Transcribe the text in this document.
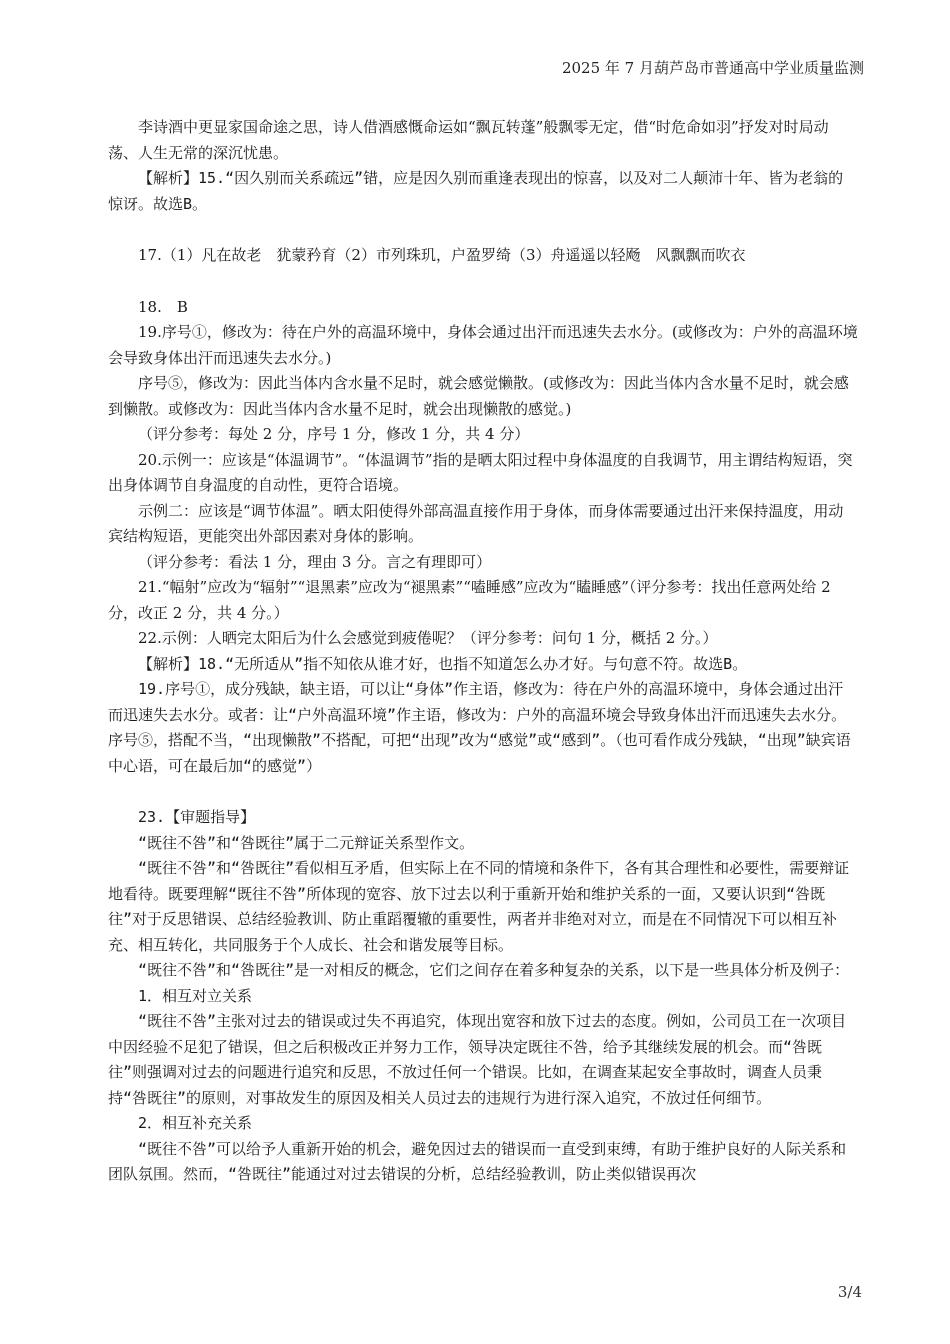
2025 年 7 月葫芦岛市普通高中学业质量监测

李诗酒中更显家国命途之思，诗人借酒感慨命运如“飘瓦转蓬”般飘零无定，借“时危命如羽”抒发对时局动荡、人生无常的深沉忧患。

【解析】15.“因久别而关系疏远”错，应是因久别而重逢表现出的惊喜，以及对二人颠沛十年、皆为老翁的惊讶。故选B。

17.（1）凡在故老　犹蒙矜育（2）市列珠玑，户盈罗绮（3）舟遥遥以轻飏　风飘飘而吹衣

18.　B

19.序号①，修改为：待在户外的高温环境中，身体会通过出汗而迅速失去水分。(或修改为：户外的高温环境会导致身体出汗而迅速失去水分。)

序号⑤，修改为：因此当体内含水量不足时，就会感觉懒散。(或修改为：因此当体内含水量不足时，就会感到懒散。或修改为：因此当体内含水量不足时，就会出现懒散的感觉。)

（评分参考：每处 2 分，序号 1 分，修改 1 分，共 4 分）

20.示例一：应该是“体温调节”。“体温调节”指的是晒太阳过程中身体温度的自我调节，用主谓结构短语，突出身体调节自身温度的自动性，更符合语境。

示例二：应该是“调节体温”。晒太阳使得外部高温直接作用于身体，而身体需要通过出汗来保持温度，用动宾结构短语，更能突出外部因素对身体的影响。

（评分参考：看法 1 分，理由 3 分。言之有理即可）

21.“幅射”应改为“辐射”“退黑素”应改为“褪黑素”“嗑睡感”应改为“瞌睡感”（评分参考：找出任意两处给 2 分，改正 2 分，共 4 分。）

22.示例：人晒完太阳后为什么会感觉到疲倦呢？（评分参考：问句 1 分，概括 2 分。）

【解析】18.“无所适从”指不知依从谁才好，也指不知道怎么办才好。与句意不符。故选B。

19.序号①，成分残缺，缺主语，可以让“身体”作主语，修改为：待在户外的高温环境中，身体会通过出汗而迅速失去水分。或者：让“户外高温环境”作主语，修改为：户外的高温环境会导致身体出汗而迅速失去水分。序号⑤，搭配不当，“出现懒散”不搭配，可把“出现”改为“感觉”或“感到”。（也可看作成分残缺，“出现”缺宾语中心语，可在最后加“的感觉”）

23.【审题指导】

“既往不咎”和“咎既往”属于二元辩证关系型作文。

“既往不咎”和“咎既往”看似相互矛盾，但实际上在不同的情境和条件下，各有其合理性和必要性，需要辩证地看待。既要理解“既往不咎”所体现的宽容、放下过去以利于重新开始和维护关系的一面，又要认识到“咎既往”对于反思错误、总结经验教训、防止重蹈覆辙的重要性，两者并非绝对对立，而是在不同情况下可以相互补充、相互转化，共同服务于个人成长、社会和谐发展等目标。

“既往不咎”和“咎既往”是一对相反的概念，它们之间存在着多种复杂的关系，以下是一些具体分析及例子：

1．相互对立关系

“既往不咎”主张对过去的错误或过失不再追究，体现出宽容和放下过去的态度。例如，公司员工在一次项目中因经验不足犯了错误，但之后积极改正并努力工作，领导决定既往不咎，给予其继续发展的机会。而“咎既往”则强调对过去的问题进行追究和反思，不放过任何一个错误。比如，在调查某起安全事故时，调查人员秉持“咎既往”的原则，对事故发生的原因及相关人员过去的违规行为进行深入追究，不放过任何细节。

2．相互补充关系

“既往不咎”可以给予人重新开始的机会，避免因过去的错误而一直受到束缚，有助于维护良好的人际关系和团队氛围。然而，“咎既往”能通过对过去错误的分析，总结经验教训，防止类似错误再次

3/4
